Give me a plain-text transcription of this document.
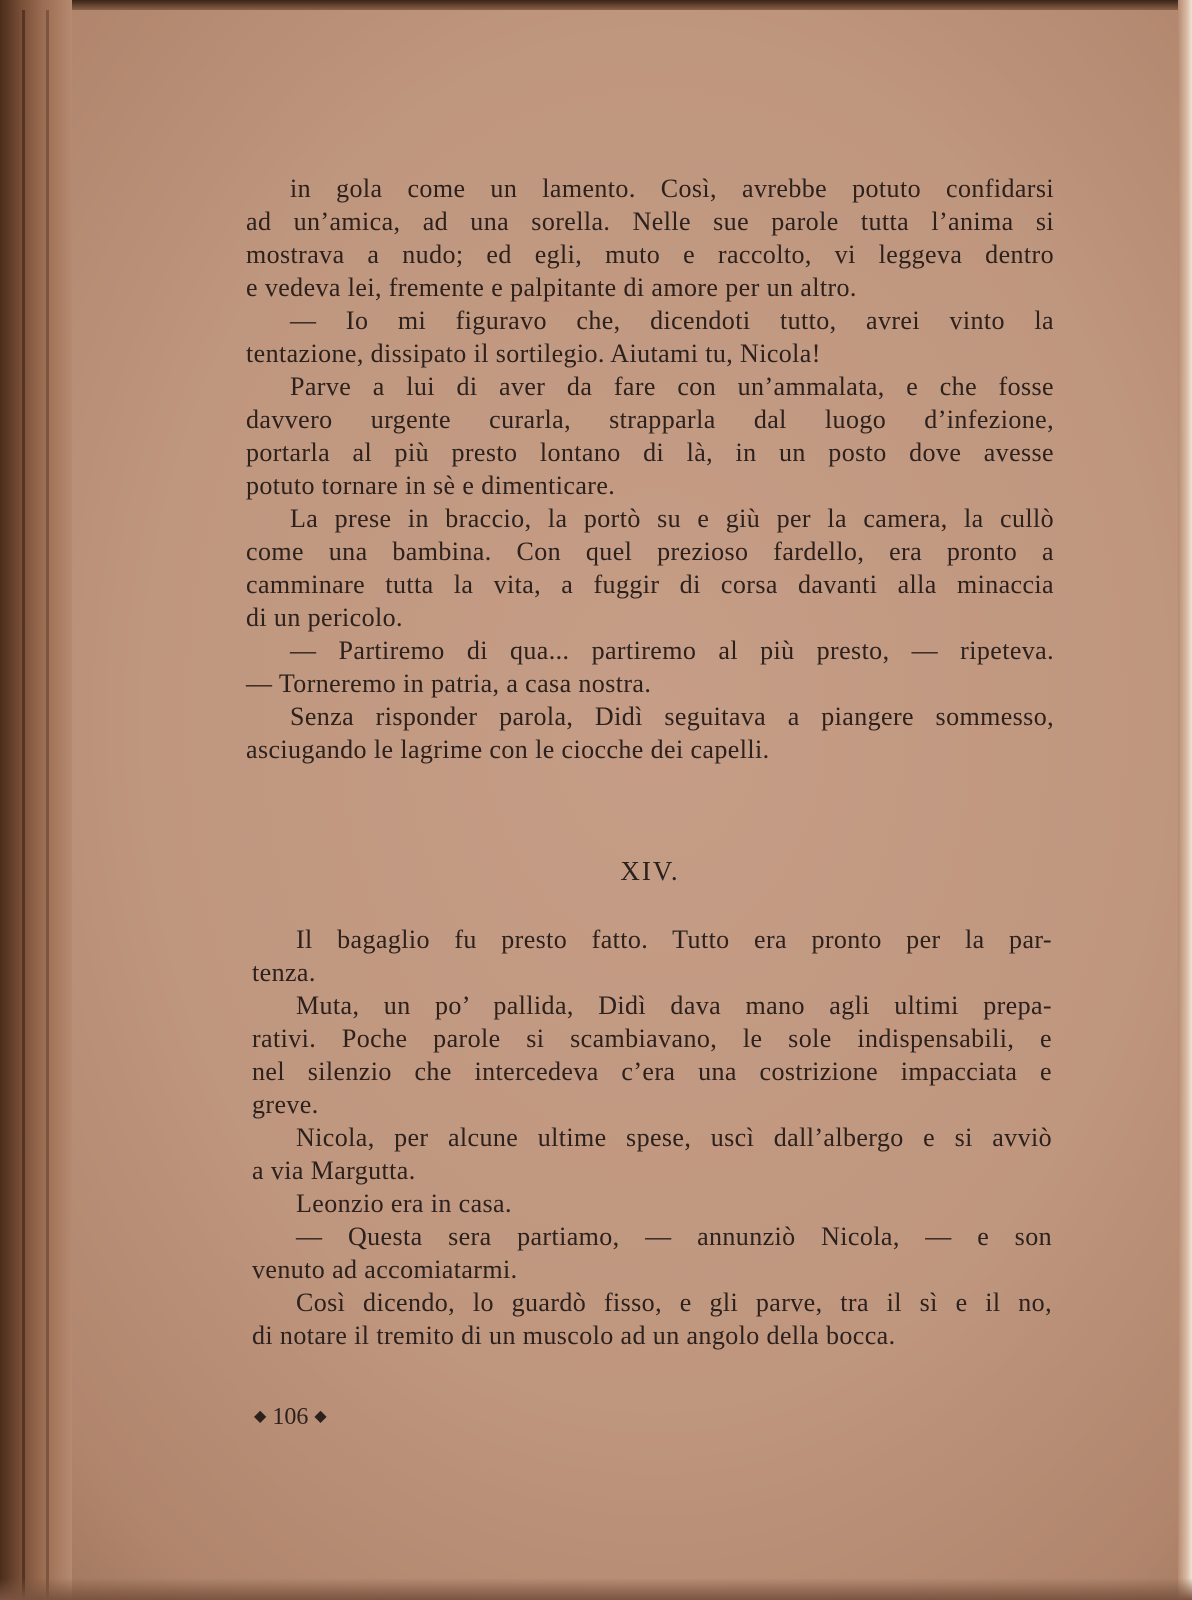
in gola come un lamento. Così, avrebbe potuto confidarsi
ad un’amica, ad una sorella. Nelle sue parole tutta l’anima si
mostrava a nudo; ed egli, muto e raccolto, vi leggeva dentro
e vedeva lei, fremente e palpitante di amore per un altro.
— Io mi figuravo che, dicendoti tutto, avrei vinto la
tentazione, dissipato il sortilegio. Aiutami tu, Nicola!
Parve a lui di aver da fare con un’ammalata, e che fosse
davvero urgente curarla, strapparla dal luogo d’infezione,
portarla al più presto lontano di là, in un posto dove avesse
potuto tornare in sè e dimenticare.
La prese in braccio, la portò su e giù per la camera, la cullò
come una bambina. Con quel prezioso fardello, era pronto a
camminare tutta la vita, a fuggir di corsa davanti alla minaccia
di un pericolo.
— Partiremo di qua... partiremo al più presto, — ripeteva.
— Torneremo in patria, a casa nostra.
Senza risponder parola, Didì seguitava a piangere sommesso,
asciugando le lagrime con le ciocche dei capelli.
XIV.
Il bagaglio fu presto fatto. Tutto era pronto per la par-
tenza.
Muta, un po’ pallida, Didì dava mano agli ultimi prepa-
rativi. Poche parole si scambiavano, le sole indispensabili, e
nel silenzio che intercedeva c’era una costrizione impacciata e
greve.
Nicola, per alcune ultime spese, uscì dall’albergo e si avviò
a via Margutta.
Leonzio era in casa.
— Questa sera partiamo, — annunziò Nicola, — e son
venuto ad accomiatarmi.
Così dicendo, lo guardò fisso, e gli parve, tra il sì e il no,
di notare il tremito di un muscolo ad un angolo della bocca.
◆ 106 ◆
